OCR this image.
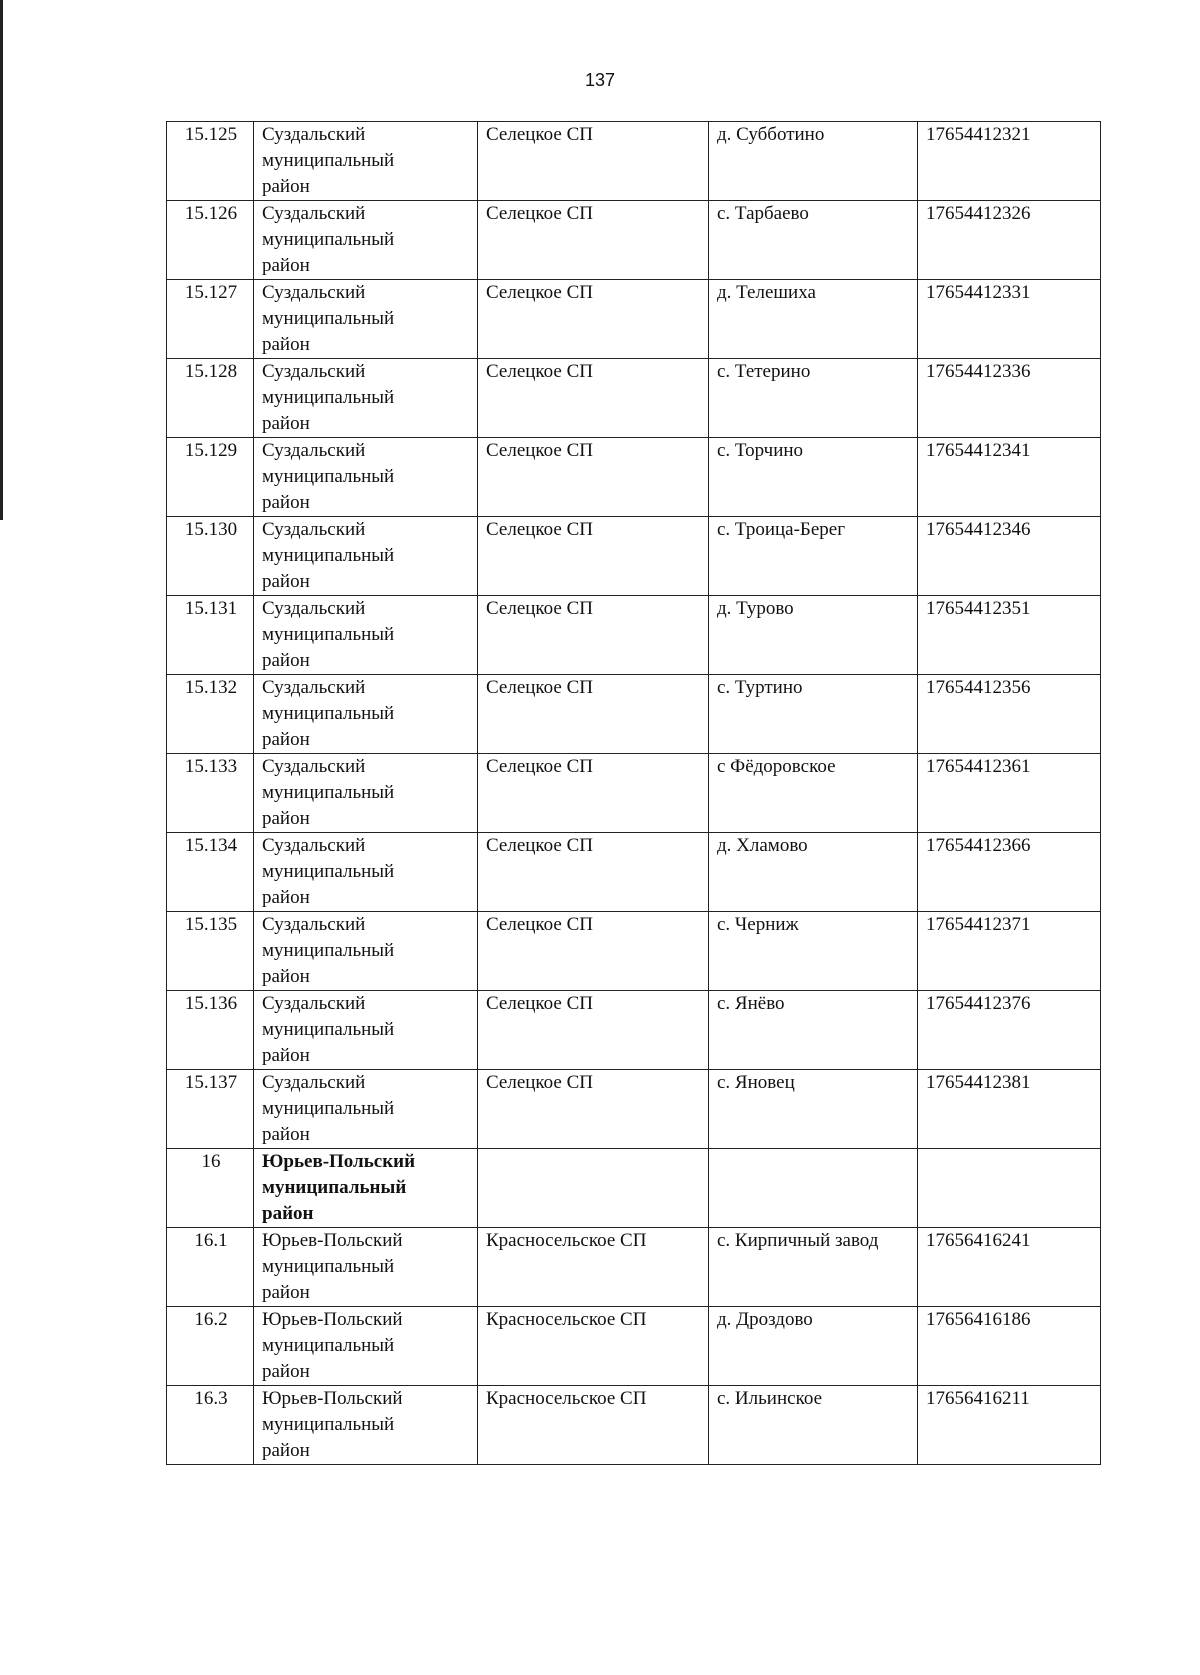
137
15.125	Суздальский
муниципальный
район	Селецкое СП	д. Субботино	17654412321
15.126	Суздальский
муниципальный
район	Селецкое СП	с. Тарбаево	17654412326
15.127	Суздальский
муниципальный
район	Селецкое СП	д. Телешиха	17654412331
15.128	Суздальский
муниципальный
район	Селецкое СП	с. Тетерино	17654412336
15.129	Суздальский
муниципальный
район	Селецкое СП	с. Торчино	17654412341
15.130	Суздальский
муниципальный
район	Селецкое СП	с. Троица-Берег	17654412346
15.131	Суздальский
муниципальный
район	Селецкое СП	д. Турово	17654412351
15.132	Суздальский
муниципальный
район	Селецкое СП	с. Туртино	17654412356
15.133	Суздальский
муниципальный
район	Селецкое СП	с Фёдоровское	17654412361
15.134	Суздальский
муниципальный
район	Селецкое СП	д. Хламово	17654412366
15.135	Суздальский
муниципальный
район	Селецкое СП	с. Черниж	17654412371
15.136	Суздальский
муниципальный
район	Селецкое СП	с. Янёво	17654412376
15.137	Суздальский
муниципальный
район	Селецкое СП	с. Яновец	17654412381
16	Юрьев-Польский
муниципальный
район			

16.1	Юрьев-Польский
муниципальный
район	Красносельское СП	с. Кирпичный завод	17656416241
16.2	Юрьев-Польский
муниципальный
район	Красносельское СП	д. Дроздово	17656416186
16.3	Юрьев-Польский
муниципальный
район	Красносельское СП	с. Ильинское	17656416211
